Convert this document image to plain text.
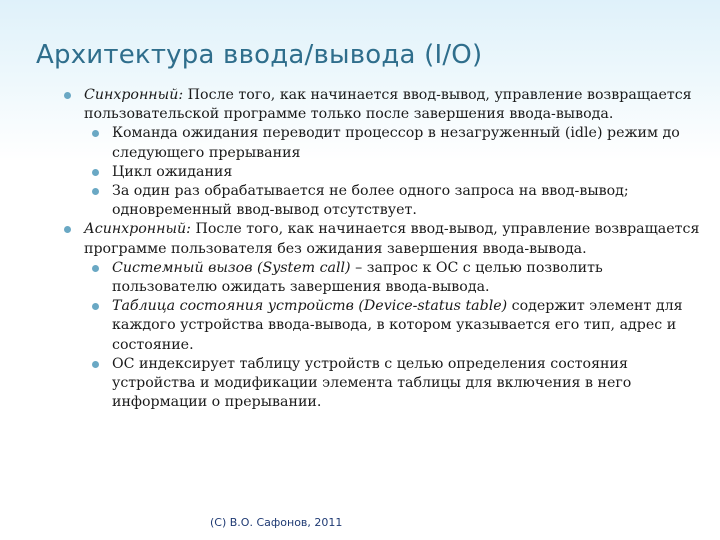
Архитектура ввода/вывода (I/O)
Синхронный: После того, как начинается ввод-вывод, управление возвращается пользовательской программе только после завершения ввода-вывода.
Команда ожидания переводит процессор в незагруженный (idle) режим до следующего прерывания
Цикл ожидания
За один раз обрабатывается не более одного запроса на ввод-вывод; одновременный ввод-вывод отсутствует.
Асинхронный: После того, как начинается ввод-вывод, управление возвращается программе пользователя без ожидания завершения ввода-вывода.
Системный вызов (System call) – запрос к ОС с целью позволить пользователю ожидать завершения ввода-вывода.
Таблица состояния устройств (Device-status table) содержит элемент для каждого устройства ввода-вывода, в котором указывается его тип, адрес и состояние.
ОС индексирует таблицу устройств с целью определения состояния устройства и модификации элемента таблицы для включения в него информации о прерывании.
(C) В.О. Сафонов, 2011
